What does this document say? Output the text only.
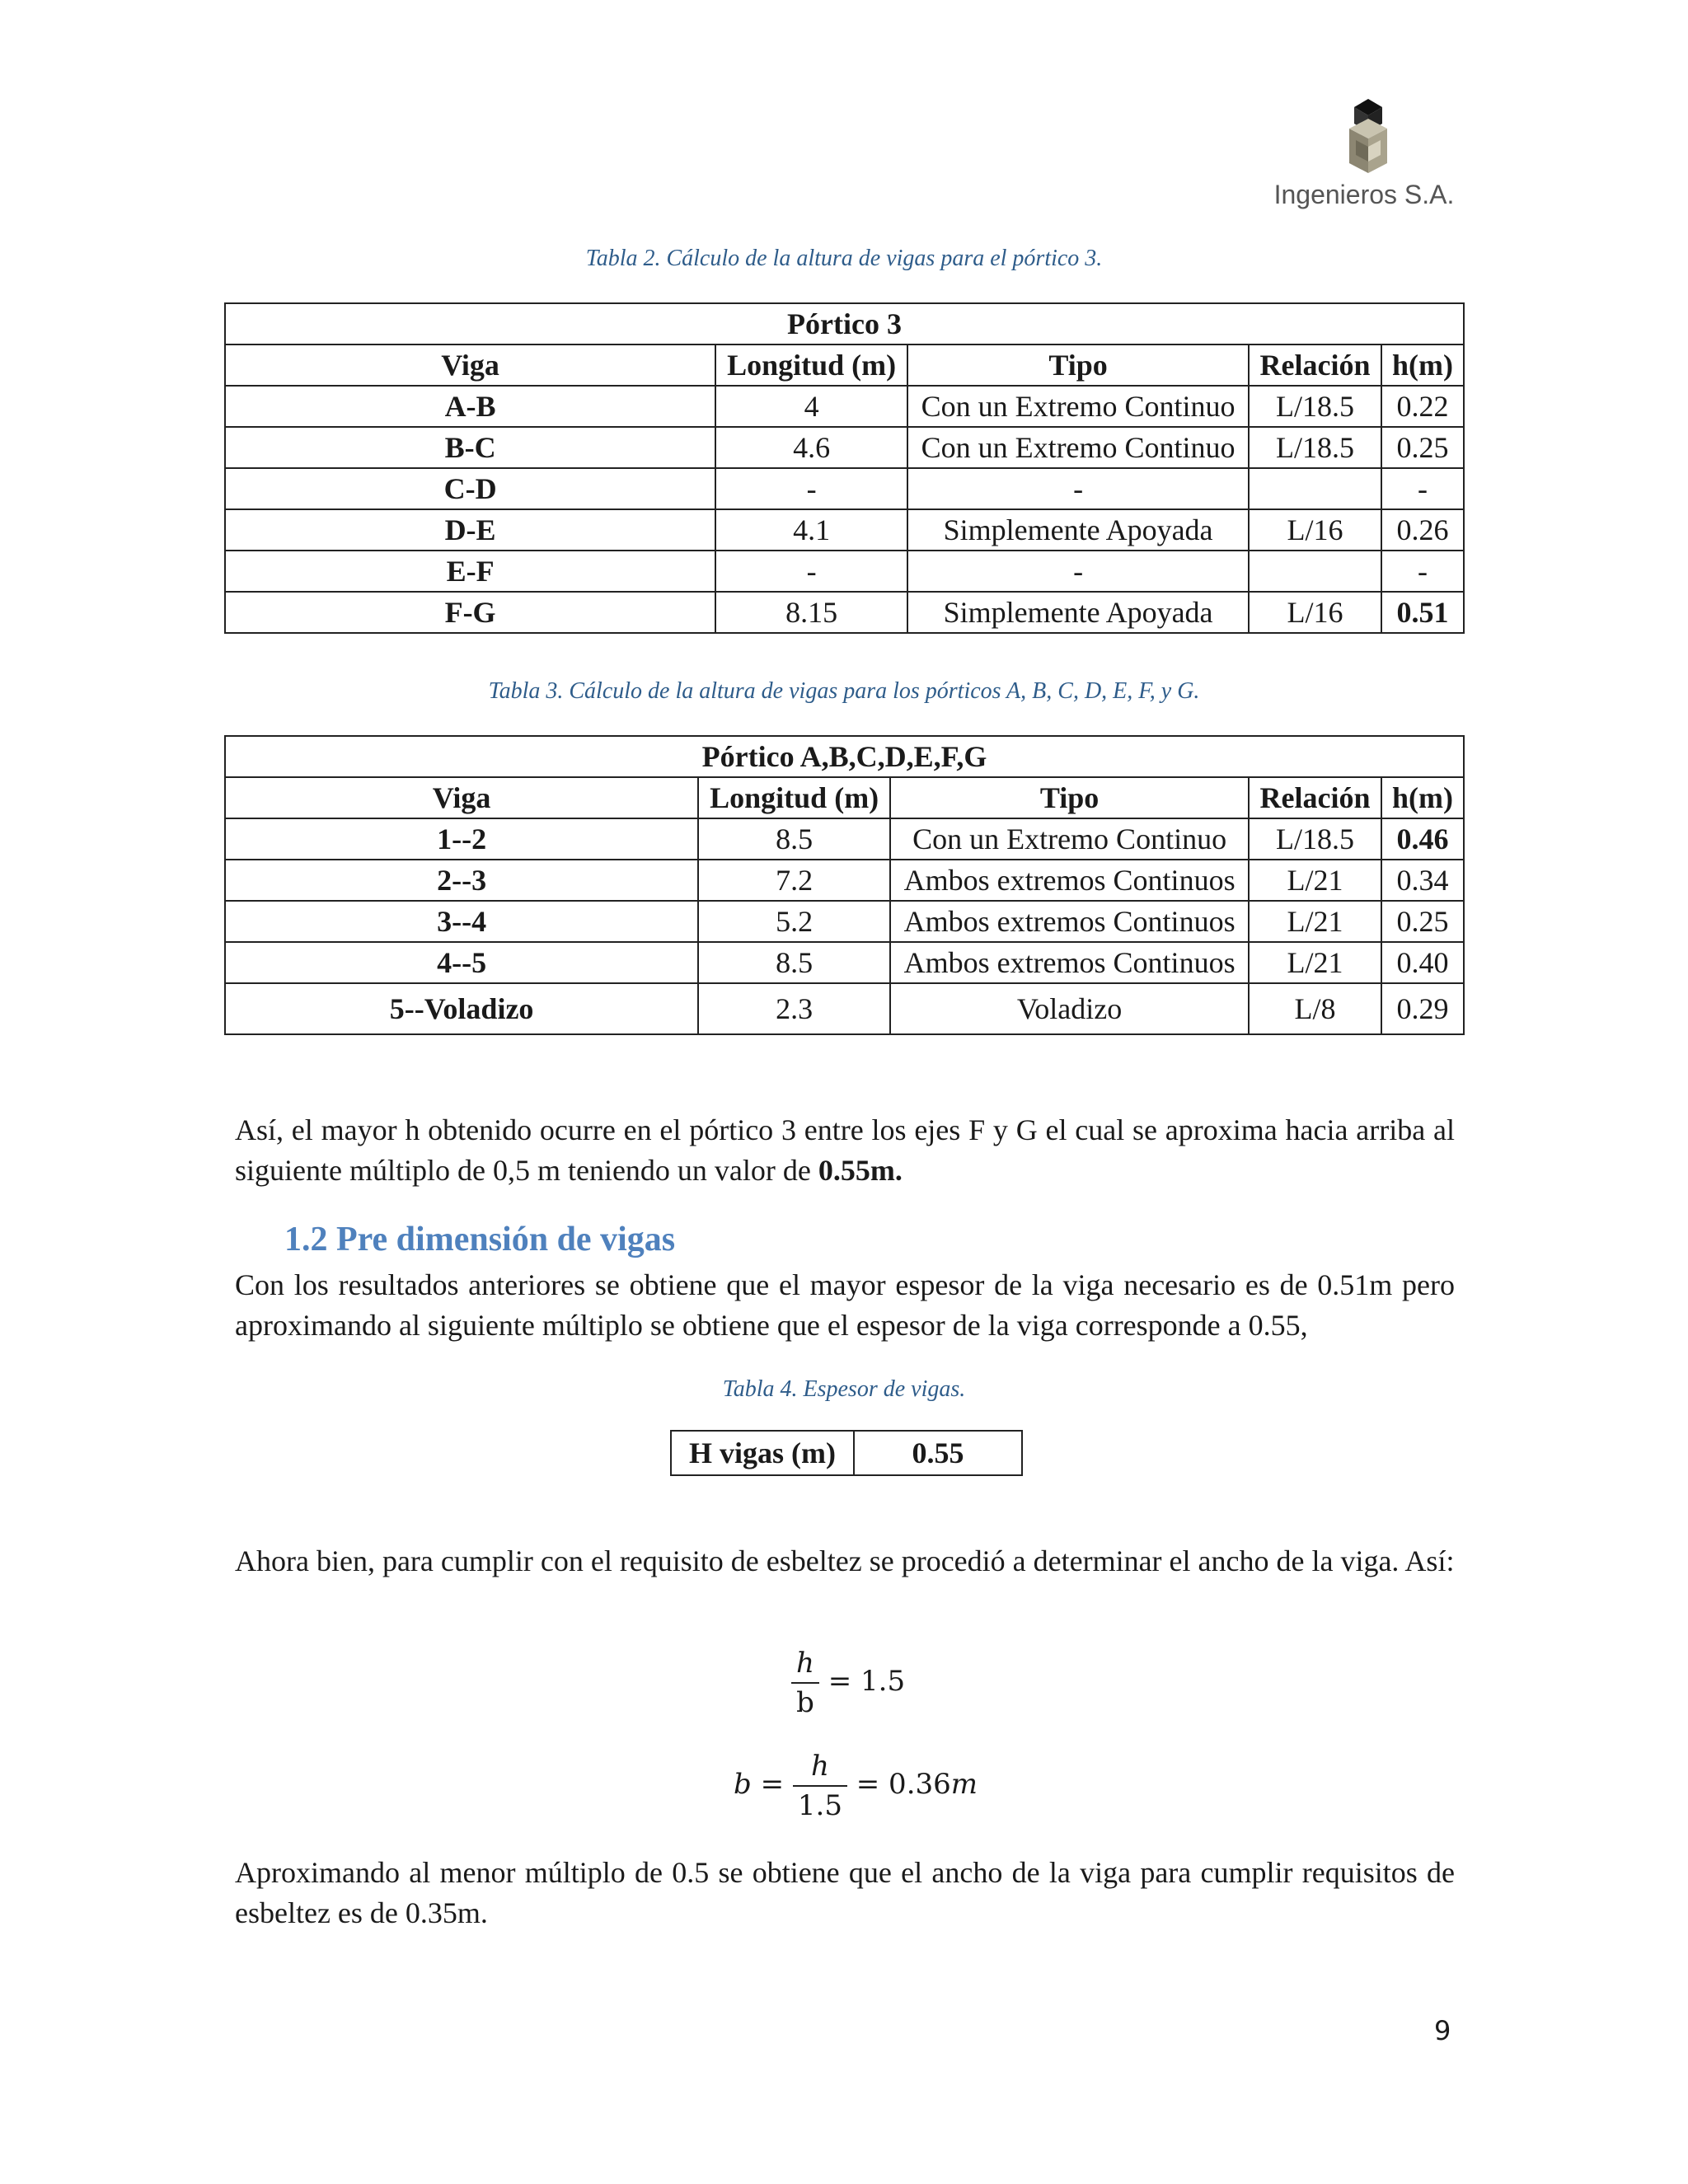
Ingenieros S.A.
Tabla 2. Cálculo de la altura de vigas para el pórtico 3.
Pórtico 3				
Viga	Longitud (m)	Tipo	Relación	h(m)
A-B	4	Con un Extremo Continuo	L/18.5	0.22
B-C	4.6	Con un Extremo Continuo	L/18.5	0.25
C-D	-	-		-
D-E	4.1	Simplemente Apoyada	L/16	0.26
E-F	-	-		-
F-G	8.15	Simplemente Apoyada	L/16	0.51
Tabla 3. Cálculo de la altura de vigas para los pórticos A, B, C, D, E, F, y G.
Pórtico A,B,C,D,E,F,G				
Viga	Longitud (m)	Tipo	Relación	h(m)
1--2	8.5	Con un Extremo Continuo	L/18.5	0.46
2--3	7.2	Ambos extremos Continuos	L/21	0.34
3--4	5.2	Ambos extremos Continuos	L/21	0.25
4--5	8.5	Ambos extremos Continuos	L/21	0.40
5--Voladizo	2.3	Voladizo	L/8	0.29
Así, el mayor h obtenido ocurre en el pórtico 3 entre los ejes F y G el cual se aproxima hacia arriba al siguiente múltiplo de 0,5 m teniendo un valor de 0.55m.
1.2 Pre dimensión de vigas
Con los resultados anteriores se obtiene que el mayor espesor de la viga necesario es de 0.51m pero aproximando al siguiente múltiplo se obtiene que el espesor de la viga corresponde a 0.55,
Tabla 4. Espesor de vigas.
H vigas (m)	0.55
Ahora bien, para cumplir con el requisito de esbeltez se procedió a determinar el ancho de la viga. Así:
$\frac{h}{b} = 1.5$
$b = \frac{h}{1.5} = 0.36m$
Aproximando al menor múltiplo de 0.5 se obtiene que el ancho de la viga para cumplir requisitos de esbeltez es de 0.35m.
9
